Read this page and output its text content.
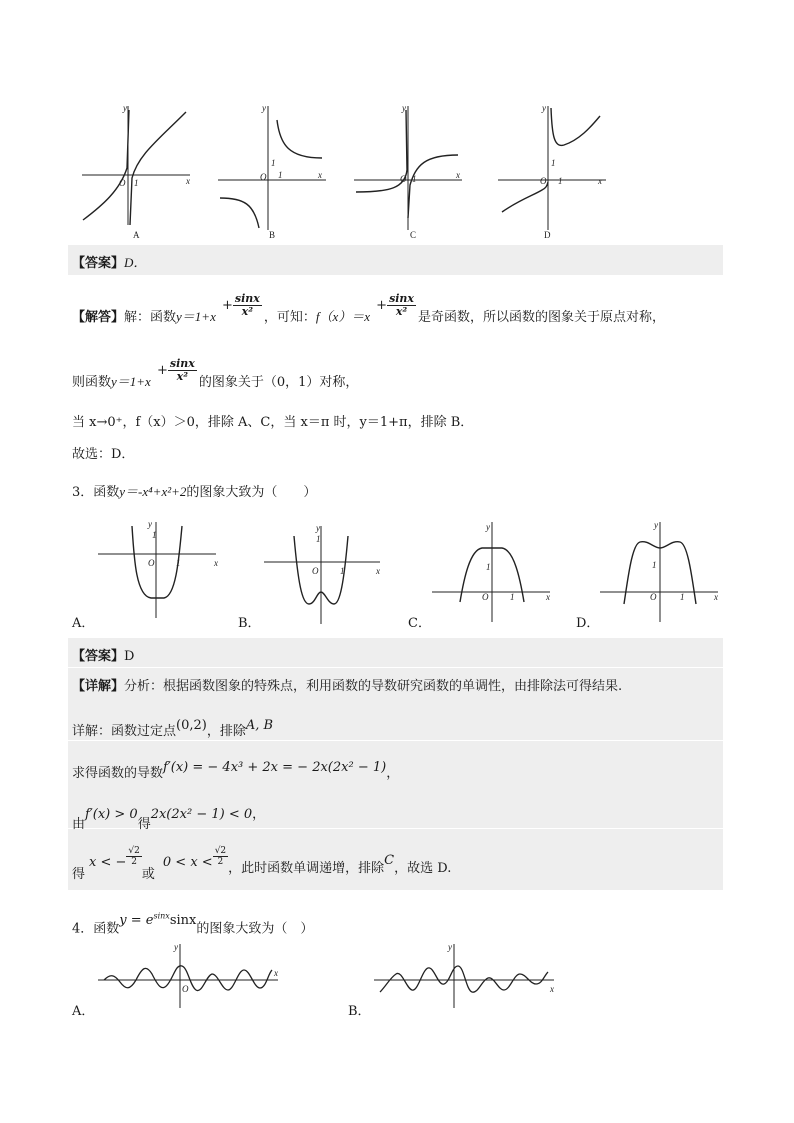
y
x
O 1
A
y
x
O 1
1
B
y
x
O 1
C
y
x
O 1
1
D
【答案】D．
【解答】解：函数$y=1+x + \frac{\sin x}{\text{x²}}$ ，可知：$f(x)=x + \frac{\sin x}{\text{x²}}$ 是奇函数，所以函数的图象关于原点对称，
则函数$y=1+x + \frac{\sin x}{\text{x²}}$ 的图象关于（0，1）对称，
当 x→0⁺，f（x）＞0，排除 A、C，当 x＝π 时，y＝1+π，排除 B．
故选：D．
3．函数y＝-x⁴+x²+2的图象大致为（　　）
y
x
O 1
1
A．
y
x
O 1
1
B．
y
x
O 1
1
C．
y
x
O	1
1
D．
【答案】D
【详解】分析：根据函数图象的特殊点，利用函数的导数研究函数的单调性，由排除法可得结果.
详解：函数过定点(0,2)，排除A, B
求得函数的导数f′(x) = − 4x³ + 2x = − 2x(2x² − 1)，
由f′(x) > 0得2x(2x² − 1) < 0，
得x < − $\frac{√2}{2}$
或$0 < x < \frac{√2}{2}$
，此时函数单调递增，排除C，故选 D.
4．函数$y = e^{sinx}\sin x$的图象大致为（　）
y
x
O
A．
y
x
B．
